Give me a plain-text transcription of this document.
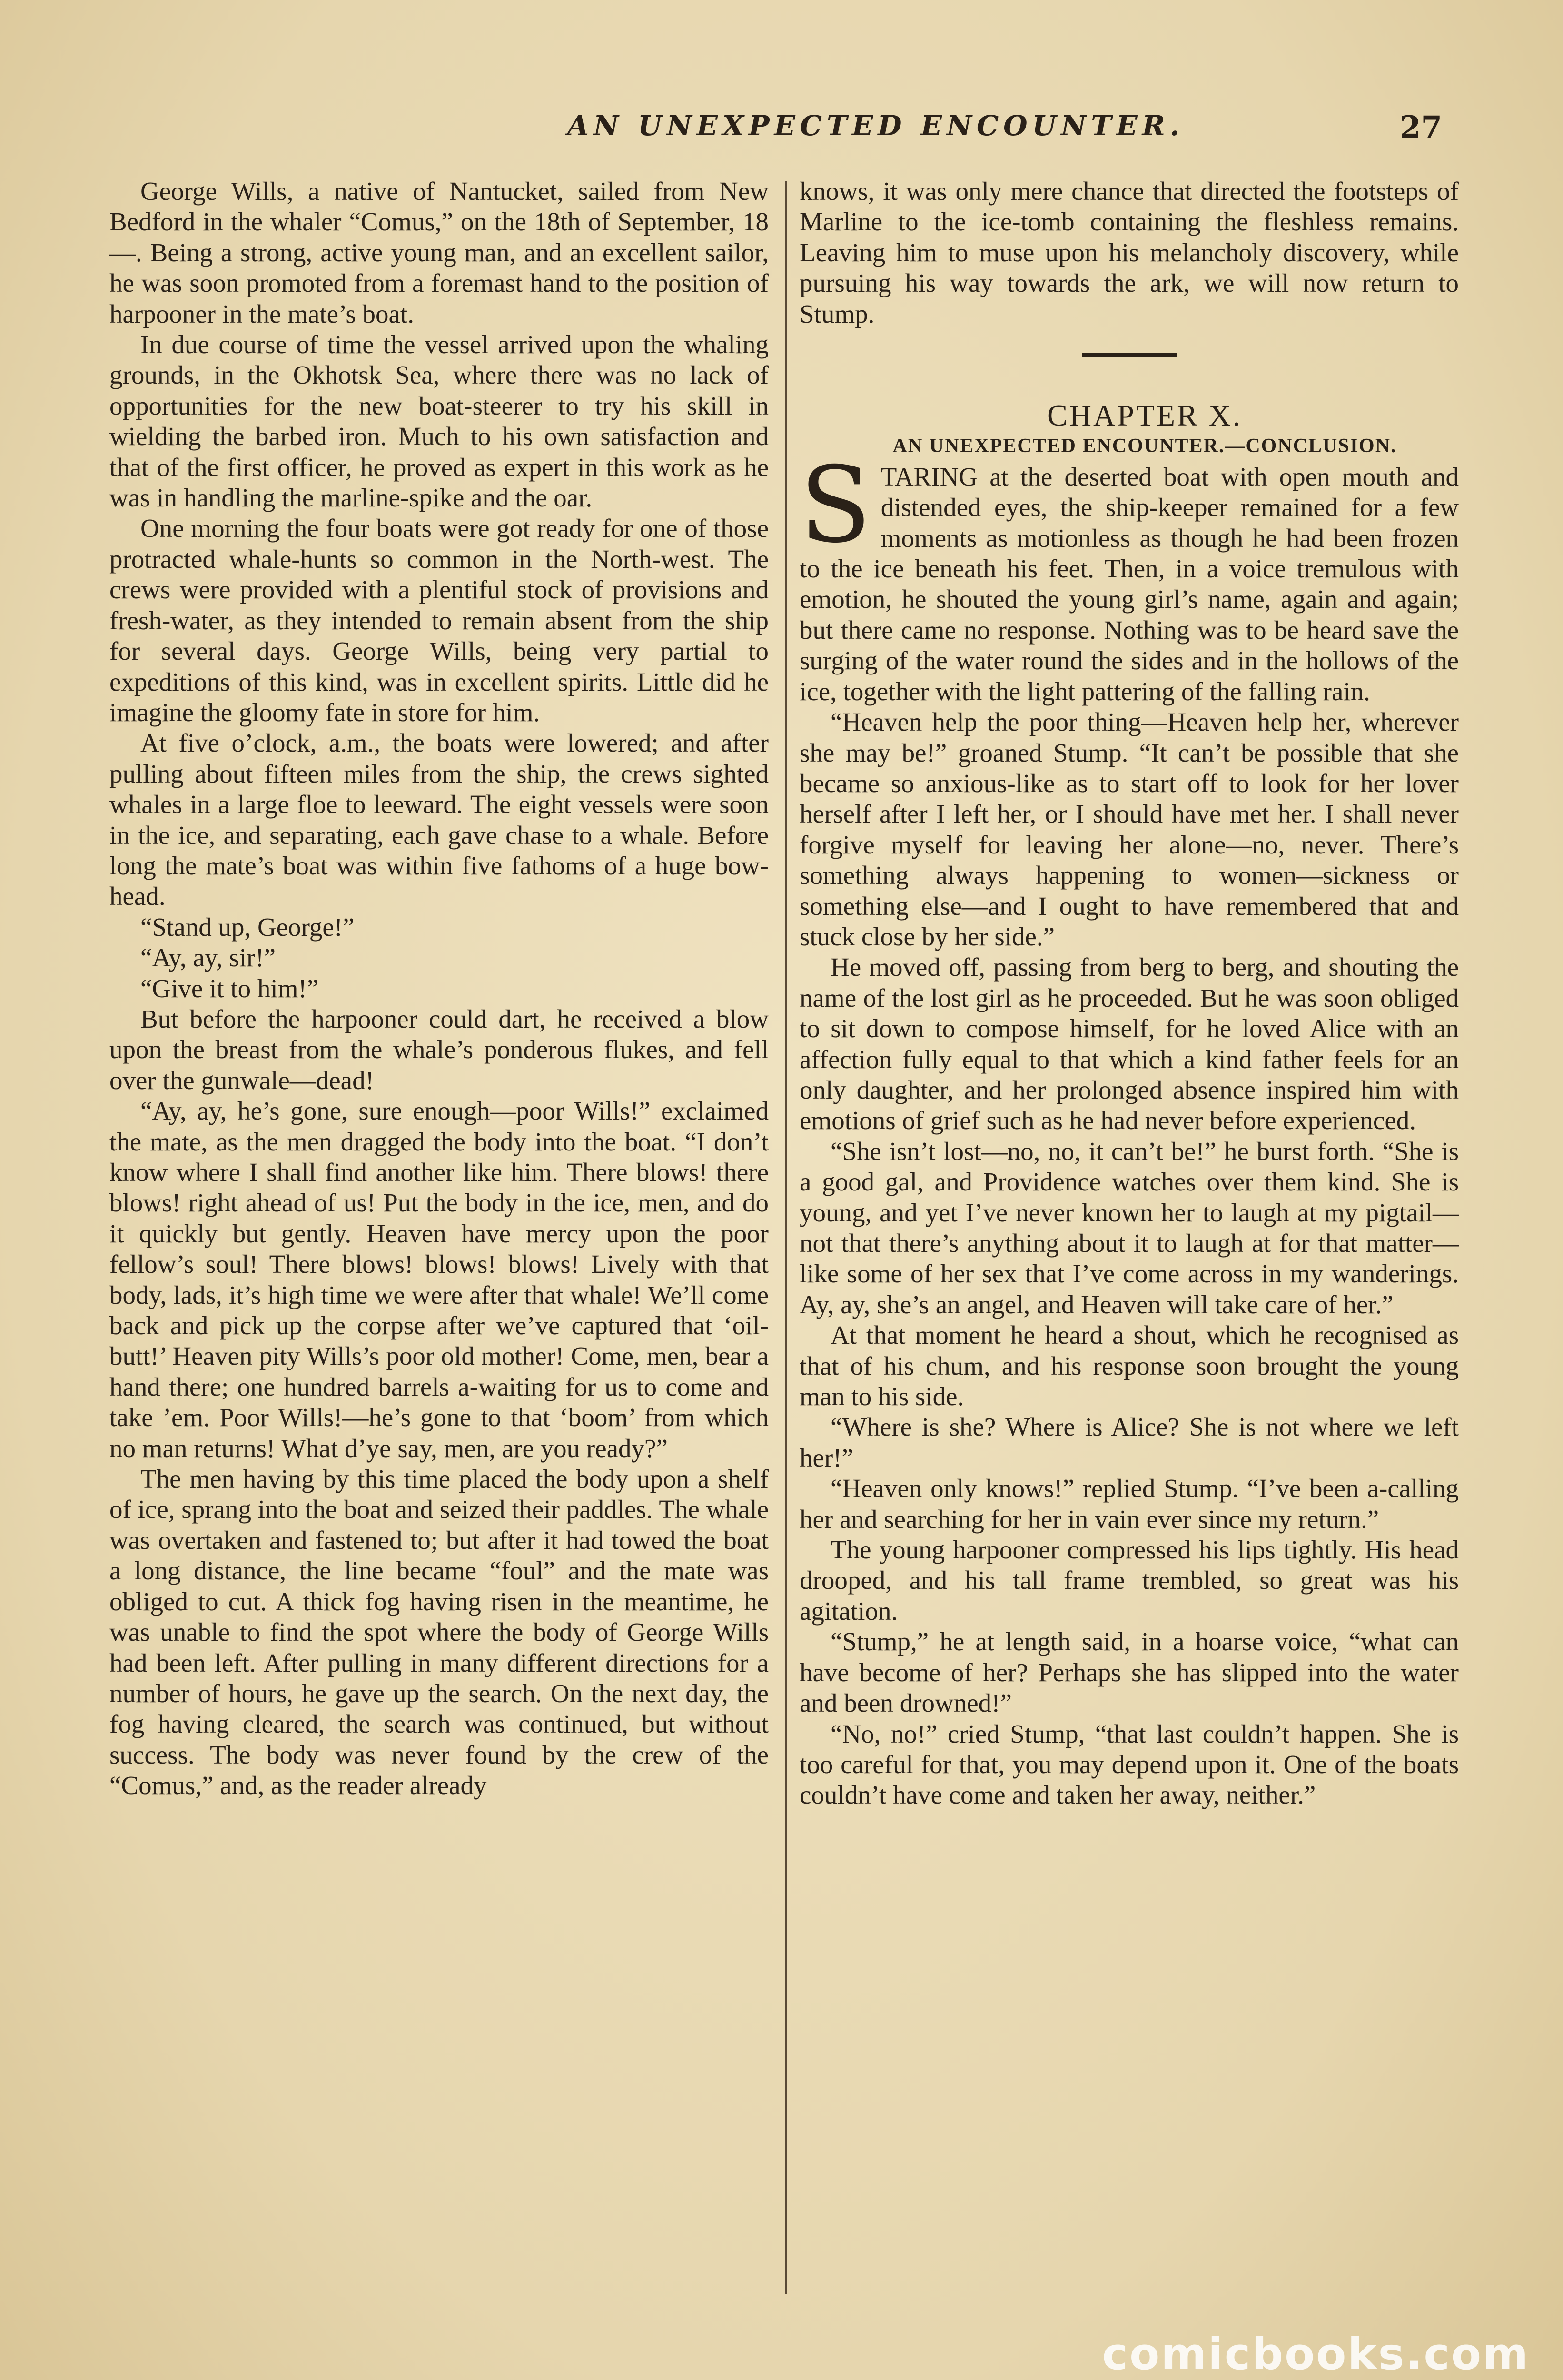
AN UNEXPECTED ENCOUNTER.	27

George Wills, a native of Nantucket, sailed from New Bedford in the whaler “Comus,” on the 18th of September, 18—. Being a strong, active young man, and an excellent sailor, he was soon promoted from a foremast hand to the position of harpooner in the mate’s boat.

In due course of time the vessel arrived upon the whaling grounds, in the Okhotsk Sea, where there was no lack of opportunities for the new boat-steerer to try his skill in wielding the barbed iron. Much to his own satisfaction and that of the first officer, he proved as expert in this work as he was in handling the marline-spike and the oar.

One morning the four boats were got ready for one of those protracted whale-hunts so common in the North-west. The crews were provided with a plentiful stock of provisions and fresh-water, as they intended to remain absent from the ship for several days. George Wills, being very partial to expeditions of this kind, was in excellent spirits. Little did he imagine the gloomy fate in store for him.

At five o’clock, a.m., the boats were lowered; and after pulling about fifteen miles from the ship, the crews sighted whales in a large floe to leeward. The eight vessels were soon in the ice, and separating, each gave chase to a whale. Before long the mate’s boat was within five fathoms of a huge bow-head.

“Stand up, George!”

“Ay, ay, sir!”

“Give it to him!”

But before the harpooner could dart, he received a blow upon the breast from the whale’s ponderous flukes, and fell over the gunwale—dead!

“Ay, ay, he’s gone, sure enough—poor Wills!” exclaimed the mate, as the men dragged the body into the boat. “I don’t know where I shall find another like him. There blows! there blows! right ahead of us! Put the body in the ice, men, and do it quickly but gently. Heaven have mercy upon the poor fellow’s soul! There blows! blows! blows! Lively with that body, lads, it’s high time we were after that whale! We’ll come back and pick up the corpse after we’ve captured that ‘oil-butt!’ Heaven pity Wills’s poor old mother! Come, men, bear a hand there; one hundred barrels a-waiting for us to come and take ’em. Poor Wills!—he’s gone to that ‘boom’ from which no man returns! What d’ye say, men, are you ready?”

The men having by this time placed the body upon a shelf of ice, sprang into the boat and seized their paddles. The whale was overtaken and fastened to; but after it had towed the boat a long distance, the line became “foul” and the mate was obliged to cut. A thick fog having risen in the meantime, he was unable to find the spot where the body of George Wills had been left. After pulling in many different directions for a number of hours, he gave up the search. On the next day, the fog having cleared, the search was continued, but without success. The body was never found by the crew of the “Comus,” and, as the reader already

knows, it was only mere chance that directed the footsteps of Marline to the ice-tomb containing the fleshless remains. Leaving him to muse upon his melancholy discovery, while pursuing his way towards the ark, we will now return to Stump.

CHAPTER X.

AN UNEXPECTED ENCOUNTER.—CONCLUSION.

STARING at the deserted boat with open mouth and distended eyes, the ship-keeper remained for a few moments as motionless as though he had been frozen to the ice beneath his feet. Then, in a voice tremulous with emotion, he shouted the young girl’s name, again and again; but there came no response. Nothing was to be heard save the surging of the water round the sides and in the hollows of the ice, together with the light pattering of the falling rain.

“Heaven help the poor thing—Heaven help her, wherever she may be!” groaned Stump. “It can’t be possible that she became so anxious-like as to start off to look for her lover herself after I left her, or I should have met her. I shall never forgive myself for leaving her alone—no, never. There’s something always happening to women—sickness or something else—and I ought to have remembered that and stuck close by her side.”

He moved off, passing from berg to berg, and shouting the name of the lost girl as he proceeded. But he was soon obliged to sit down to compose himself, for he loved Alice with an affection fully equal to that which a kind father feels for an only daughter, and her prolonged absence inspired him with emotions of grief such as he had never before experienced.

“She isn’t lost—no, no, it can’t be!” he burst forth. “She is a good gal, and Providence watches over them kind. She is young, and yet I’ve never known her to laugh at my pigtail—not that there’s anything about it to laugh at for that matter—like some of her sex that I’ve come across in my wanderings. Ay, ay, she’s an angel, and Heaven will take care of her.”

At that moment he heard a shout, which he recognised as that of his chum, and his response soon brought the young man to his side.

“Where is she? Where is Alice? She is not where we left her!”

“Heaven only knows!” replied Stump. “I’ve been a-calling her and searching for her in vain ever since my return.”

The young harpooner compressed his lips tightly. His head drooped, and his tall frame trembled, so great was his agitation.

“Stump,” he at length said, in a hoarse voice, “what can have become of her? Perhaps she has slipped into the water and been drowned!”

“No, no!” cried Stump, “that last couldn’t happen. She is too careful for that, you may depend upon it. One of the boats couldn’t have come and taken her away, neither.”

comicbooks.com
